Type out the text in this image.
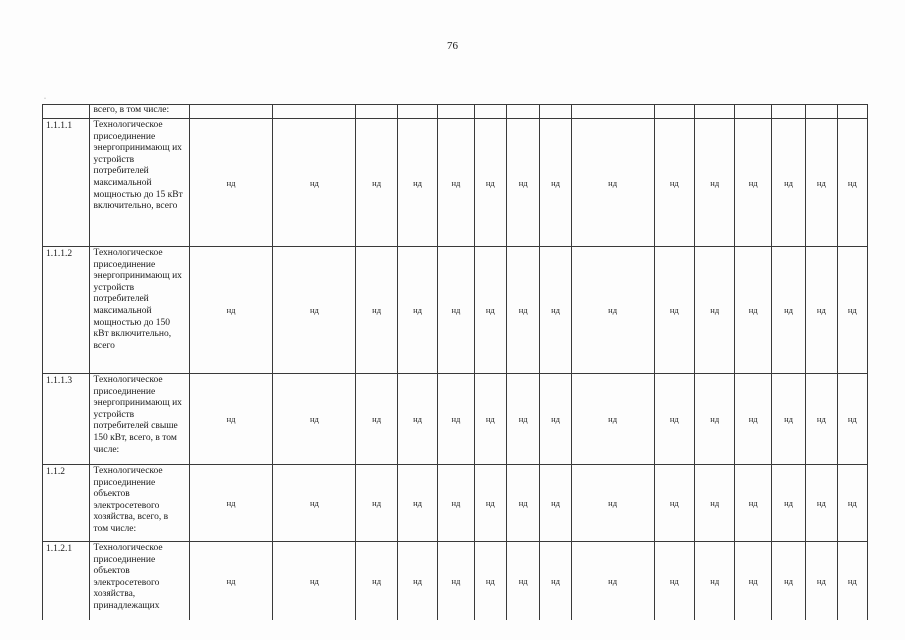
76
	всего, в том числе:															
1.1.1.1	Технологическое присоединение энергопринимающ их устройств потребителей максимальной мощностью до 15 кВт включительно, всего	нд	нд	нд	нд	нд	нд	нд	нд	нд	нд	нд	нд	нд	нд	нд
1.1.1.2	Технологическое присоединение энергопринимающ их устройств потребителей максимальной мощностью до 150 кВт включительно, всего	нд	нд	нд	нд	нд	нд	нд	нд	нд	нд	нд	нд	нд	нд	нд
1.1.1.3	Технологическое присоединение энергопринимающ их устройств потребителей свыше 150 кВт, всего, в том числе:	нд	нд	нд	нд	нд	нд	нд	нд	нд	нд	нд	нд	нд	нд	нд
1.1.2	Технологическое присоединение объектов электросетевого хозяйства, всего, в том числе:	нд	нд	нд	нд	нд	нд	нд	нд	нд	нд	нд	нд	нд	нд	нд
1.1.2.1	Технологическое присоединение объектов электросетевого хозяйства, принадлежащих	нд	нд	нд	нд	нд	нд	нд	нд	нд	нд	нд	нд	нд	нд	нд
·
